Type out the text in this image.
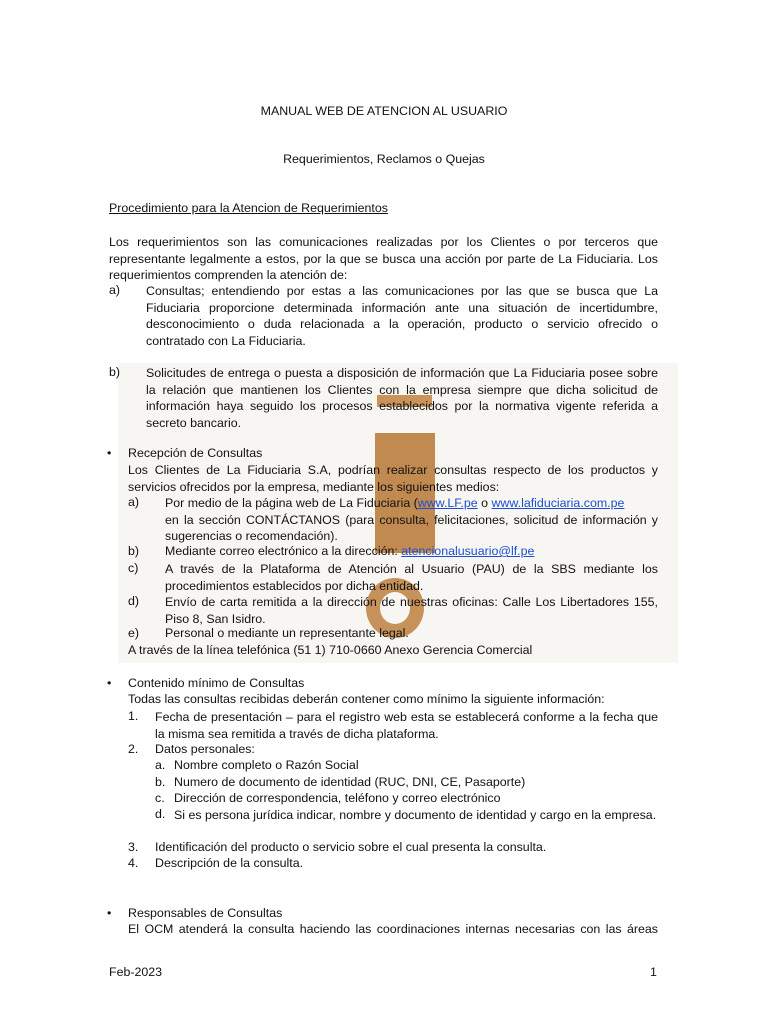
MANUAL WEB DE ATENCION AL USUARIO
Requerimientos, Reclamos o Quejas
Procedimiento para la Atencion de Requerimientos
Los requerimientos son las comunicaciones realizadas por los Clientes o por terceros que representante legalmente a estos, por la que se busca una acción por parte de La Fiduciaria. Los requerimientos comprenden la atención de:
a) Consultas; entendiendo por estas a las comunicaciones por las que se busca que La Fiduciaria proporcione determinada información ante una situación de incertidumbre, desconocimiento o duda relacionada a la operación, producto o servicio ofrecido o contratado con La Fiduciaria.
b) Solicitudes de entrega o puesta a disposición de información que La Fiduciaria posee sobre la relación que mantienen los Clientes con la empresa siempre que dicha solicitud de información haya seguido los procesos establecidos por la normativa vigente referida a secreto bancario.
• Recepción de Consultas
Los Clientes de La Fiduciaria S.A, podrían realizar consultas respecto de los productos y servicios ofrecidos por la empresa, mediante los siguientes medios:
a) Por medio de la página web de La Fiduciaria (www.LF.pe o www.lafiduciaria.com.pe
en la sección CONTÁCTANOS (para consulta, felicitaciones, solicitud de información y sugerencias o recomendación).
b) Mediante correo electrónico a la dirección: atencionalusuario@lf.pe
c) A través de la Plataforma de Atención al Usuario (PAU) de la SBS mediante los procedimientos establecidos por dicha entidad.
d) Envío de carta remitida a la dirección de nuestras oficinas: Calle Los Libertadores 155, Piso 8, San Isidro.
e) Personal o mediante un representante legal.
A través de la línea telefónica (51 1) 710-0660 Anexo Gerencia Comercial
• Contenido mínimo de Consultas
Todas las consultas recibidas deberán contener como mínimo la siguiente información:
1. Fecha de presentación – para el registro web esta se establecerá conforme a la fecha que la misma sea remitida a través de dicha plataforma.
2. Datos personales:
a. Nombre completo o Razón Social
b. Numero de documento de identidad (RUC, DNI, CE, Pasaporte)
c. Dirección de correspondencia, teléfono y correo electrónico
d. Si es persona jurídica indicar, nombre y documento de identidad y cargo en la empresa.
3. Identificación del producto o servicio sobre el cual presenta la consulta.
4. Descripción de la consulta.
• Responsables de Consultas
El OCM atenderá la consulta haciendo las coordinaciones internas necesarias con las áreas
Feb-2023	1
